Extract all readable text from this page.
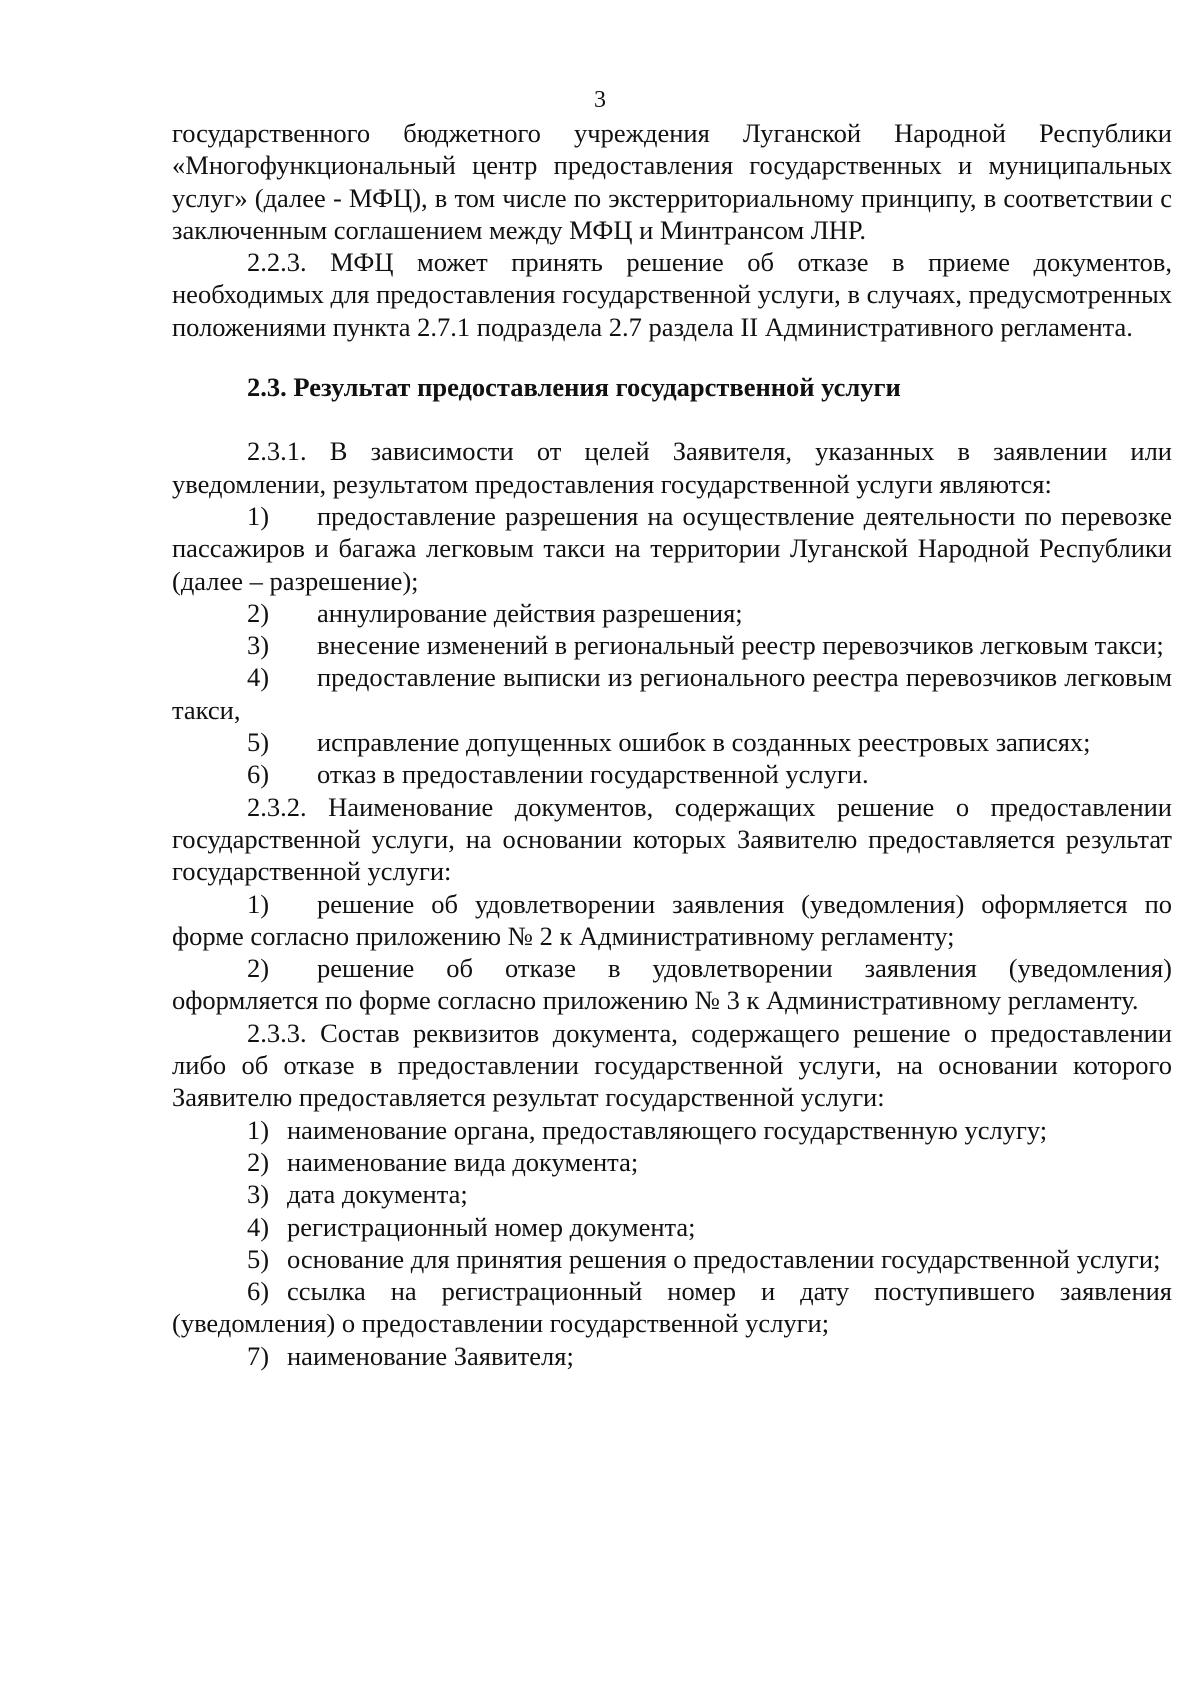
3

государственного бюджетного учреждения Луганской Народной Республики «Многофункциональный центр предоставления государственных и муниципальных услуг» (далее - МФЦ), в том числе по экстерриториальному принципу, в соответствии с заключенным соглашением между МФЦ и Минтрансом ЛНР.

2.2.3. МФЦ может принять решение об отказе в приеме документов, необходимых для предоставления государственной услуги, в случаях, предусмотренных положениями пункта 2.7.1 подраздела 2.7 раздела II Административного регламента.

2.3. Результат предоставления государственной услуги

2.3.1. В зависимости от целей Заявителя, указанных в заявлении или уведомлении, результатом предоставления государственной услуги являются:

1) предоставление разрешения на осуществление деятельности по перевозке пассажиров и багажа легковым такси на территории Луганской Народной Республики (далее – разрешение);

2) аннулирование действия разрешения;

3) внесение изменений в региональный реестр перевозчиков легковым такси;

4) предоставление выписки из регионального реестра перевозчиков легковым такси,

5) исправление допущенных ошибок в созданных реестровых записях;

6) отказ в предоставлении государственной услуги.

2.3.2. Наименование документов, содержащих решение о предоставлении государственной услуги, на основании которых Заявителю предоставляется результат государственной услуги:

1) решение об удовлетворении заявления (уведомления) оформляется по форме согласно приложению № 2 к Административному регламенту;

2) решение об отказе в удовлетворении заявления (уведомления) оформляется по форме согласно приложению № 3 к Административному регламенту.

2.3.3. Состав реквизитов документа, содержащего решение о предоставлении либо об отказе в предоставлении государственной услуги, на основании которого Заявителю предоставляется результат государственной услуги:

1) наименование органа, предоставляющего государственную услугу;

2) наименование вида документа;

3) дата документа;

4) регистрационный номер документа;

5) основание для принятия решения о предоставлении государственной услуги;

6) ссылка на регистрационный номер и дату поступившего заявления (уведомления) о предоставлении государственной услуги;

7) наименование Заявителя;
